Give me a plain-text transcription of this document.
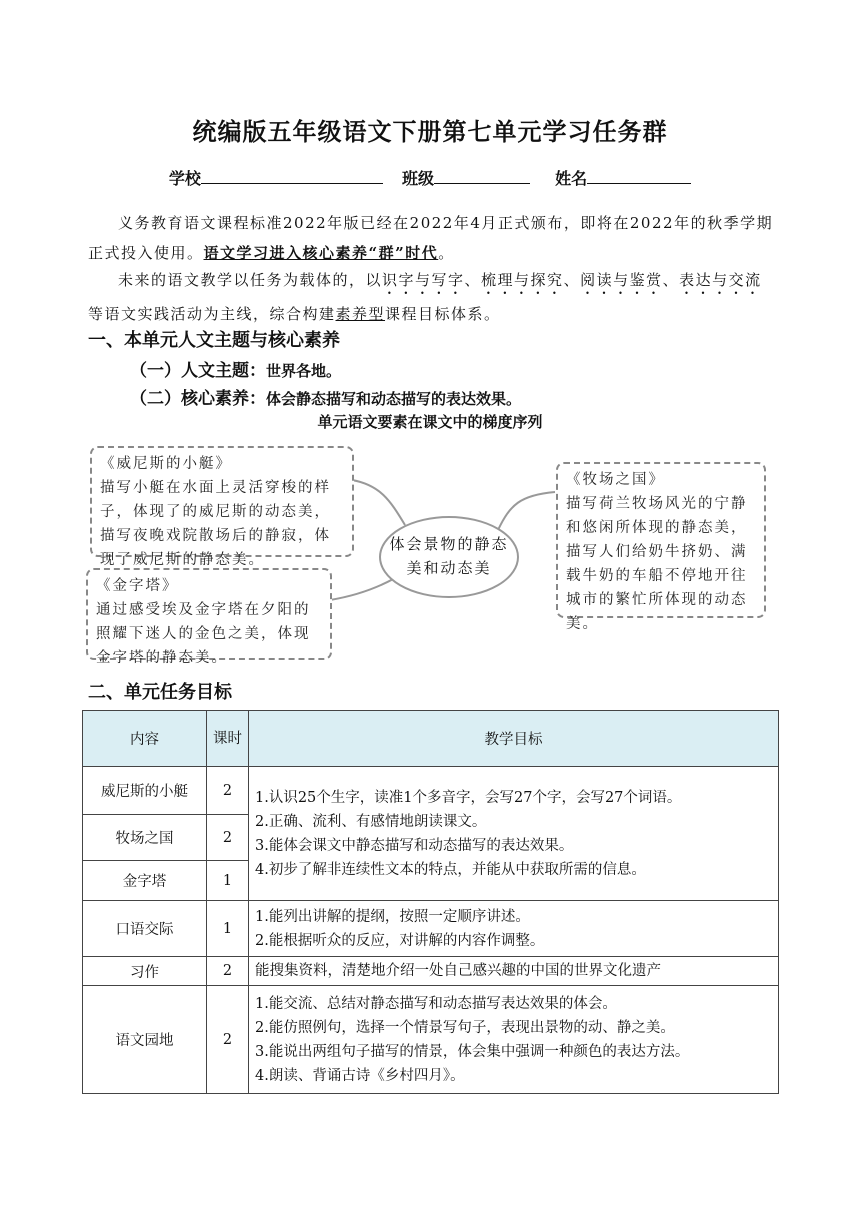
统编版五年级语文下册第七单元学习任务群
学校	班级	姓名
义务教育语文课程标准2022年版已经在2022年4月正式颁布，即将在2022年的秋季学期正式投入使用。语文学习进入核心素养“群”时代。
未来的语文教学以任务为载体的，以识字与写字、梳理与探究、阅读与鉴赏、表达与交流等语文实践活动为主线，综合构建素养型课程目标体系。
一、本单元人文主题与核心素养
（一）人文主题：世界各地。
（二）核心素养：体会静态描写和动态描写的表达效果。
单元语文要素在课文中的梯度序列
体会景物的静态美和动态美
《威尼斯的小艇》
描写小艇在水面上灵活穿梭的样子，体现了的威尼斯的动态美，描写夜晚戏院散场后的静寂，体现了威尼斯的静态美。
《金字塔》
通过感受埃及金字塔在夕阳的照耀下迷人的金色之美，体现金字塔的静态美。
《牧场之国》
描写荷兰牧场风光的宁静和悠闲所体现的静态美，描写人们给奶牛挤奶、满载牛奶的车船不停地开往城市的繁忙所体现的动态美。
二、单元任务目标
内容	课时	教学目标
威尼斯的小艇	2	1.认识25个生字，读准1个多音字，会写27个字，会写27个词语。
2.正确、流利、有感情地朗读课文。
3.能体会课文中静态描写和动态描写的表达效果。
4.初步了解非连续性文本的特点，并能从中获取所需的信息。

牧场之国	2	
金字塔	1	
口语交际	1	1.能列出讲解的提纲，按照一定顺序讲述。
2.能根据听众的反应，对讲解的内容作调整。

习作	2	能搜集资料，清楚地介绍一处自己感兴趣的中国的世界文化遗产
语文园地	2	1.能交流、总结对静态描写和动态描写表达效果的体会。
2.能仿照例句，选择一个情景写句子，表现出景物的动、静之美。
3.能说出两组句子描写的情景，体会集中强调一种颜色的表达方法。
4.朗读、背诵古诗《乡村四月》。
